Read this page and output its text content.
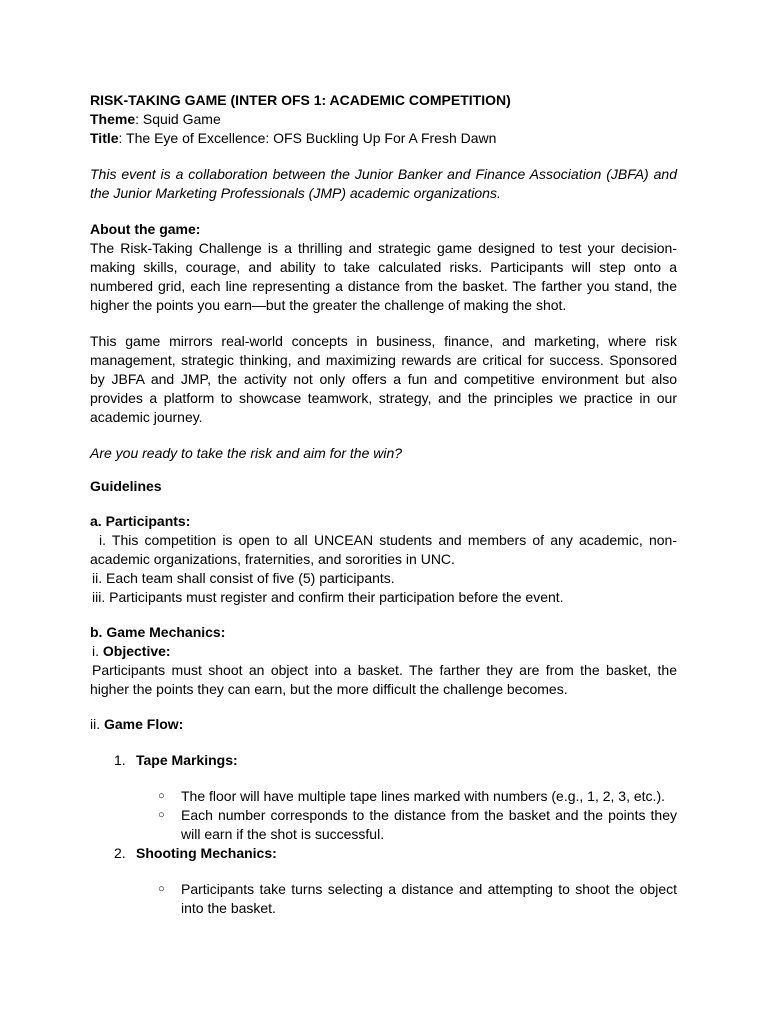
RISK-TAKING GAME (INTER OFS 1: ACADEMIC COMPETITION)

Theme: Squid Game

Title: The Eye of Excellence: OFS Buckling Up For A Fresh Dawn

This event is a collaboration between the Junior Banker and Finance Association (JBFA) and the Junior Marketing Professionals (JMP) academic organizations.

About the game:

The Risk-Taking Challenge is a thrilling and strategic game designed to test your decision-making skills, courage, and ability to take calculated risks. Participants will step onto a numbered grid, each line representing a distance from the basket. The farther you stand, the higher the points you earn—but the greater the challenge of making the shot.

This game mirrors real-world concepts in business, finance, and marketing, where risk management, strategic thinking, and maximizing rewards are critical for success. Sponsored by JBFA and JMP, the activity not only offers a fun and competitive environment but also provides a platform to showcase teamwork, strategy, and the principles we practice in our academic journey.

Are you ready to take the risk and aim for the win?

Guidelines

a. Participants:

i. This competition is open to all UNCEAN students and members of any academic, non-academic organizations, fraternities, and sororities in UNC.

ii. Each team shall consist of five (5) participants.

iii. Participants must register and confirm their participation before the event.

b. Game Mechanics:

i. Objective:

Participants must shoot an object into a basket. The farther they are from the basket, the higher the points they can earn, but the more difficult the challenge becomes.

ii. Game Flow:

1. Tape Markings:
○ The floor will have multiple tape lines marked with numbers (e.g., 1, 2, 3, etc.).
○ Each number corresponds to the distance from the basket and the points they will earn if the shot is successful.
2. Shooting Mechanics:
○ Participants take turns selecting a distance and attempting to shoot the object into the basket.
